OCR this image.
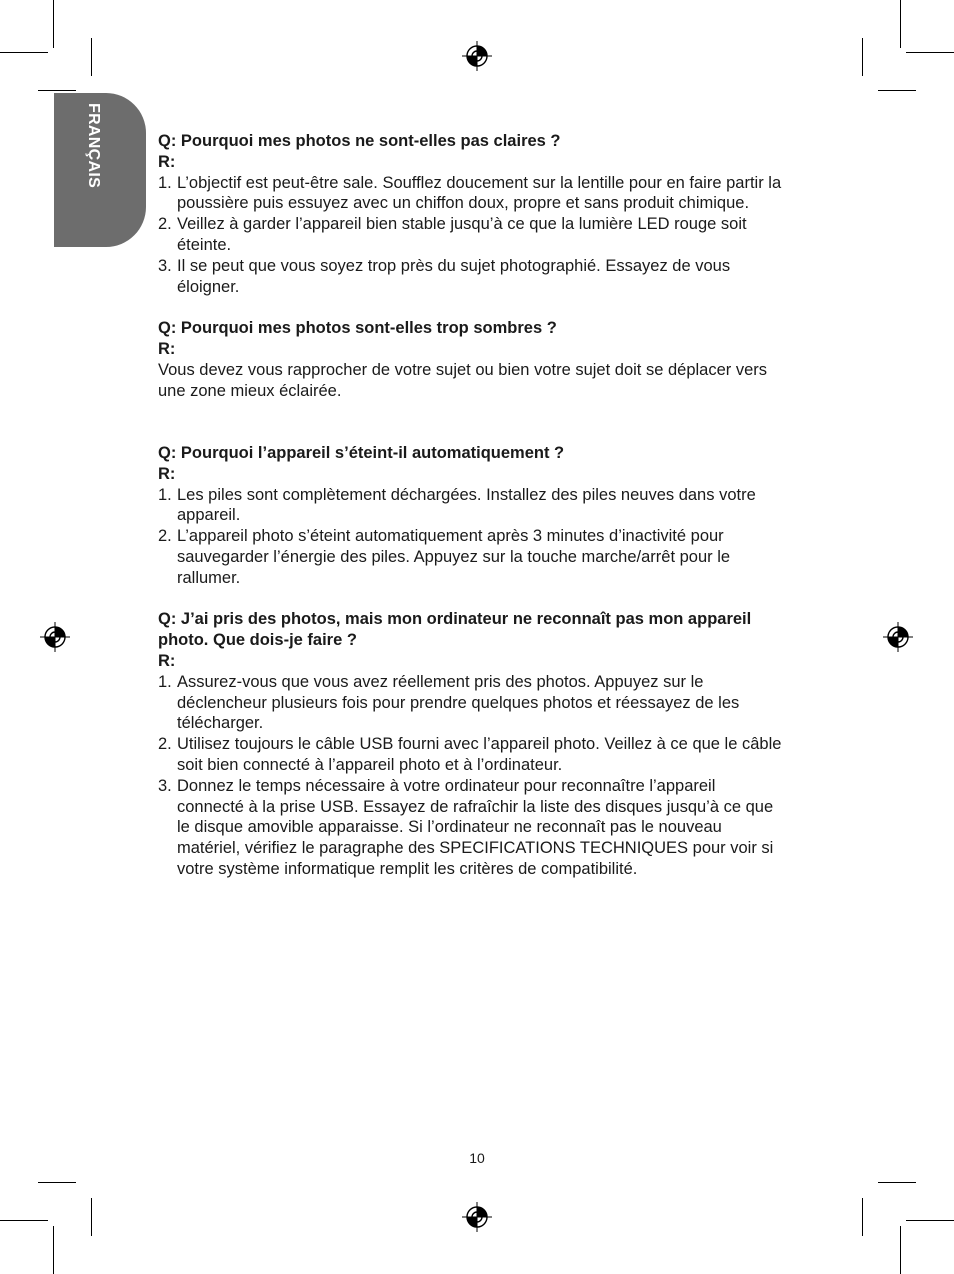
FRANÇAIS	Q: Pourquoi mes photos ne sont-elles pas claires ?
R:
1. L’objectif est peut-être sale. Soufflez doucement sur la lentille pour en faire partir la poussière puis essuyez avec un chiffon doux, propre et sans produit chimique.
2. Veillez à garder l’appareil bien stable jusqu’à ce que la lumière LED rouge soit éteinte.
3. Il se peut que vous soyez trop près du sujet photographié. Essayez de vous éloigner.
Q: Pourquoi mes photos sont-elles trop sombres ?
R:
Vous devez vous rapprocher de votre sujet ou bien votre sujet doit se déplacer vers une zone mieux éclairée.
Q: Pourquoi l’appareil s’éteint-il automatiquement ?
R:
1. Les piles sont complètement déchargées. Installez des piles neuves dans votre appareil.
2. L’appareil photo s’éteint automatiquement après 3 minutes d’inactivité pour sauvegarder l’énergie des piles. Appuyez sur la touche marche/arrêt pour le rallumer.
Q: J’ai pris des photos, mais mon ordinateur ne reconnaît pas mon appareil photo. Que dois-je faire ?
R:
1. Assurez-vous que vous avez réellement pris des photos. Appuyez sur le déclencheur plusieurs fois pour prendre quelques photos et réessayez de les télécharger.
2. Utilisez toujours le câble USB fourni avec l’appareil photo. Veillez à ce que le câble soit bien connecté à l’appareil photo et à l’ordinateur.
3. Donnez le temps nécessaire à votre ordinateur pour reconnaître l’appareil connecté à la prise USB. Essayez de rafraîchir la liste des disques jusqu’à ce que le disque amovible apparaisse. Si l’ordinateur ne reconnaît pas le nouveau matériel, vérifiez le paragraphe des SPECIFICATIONS TECHNIQUES pour voir si votre système informatique remplit les critères de compatibilité.
10
